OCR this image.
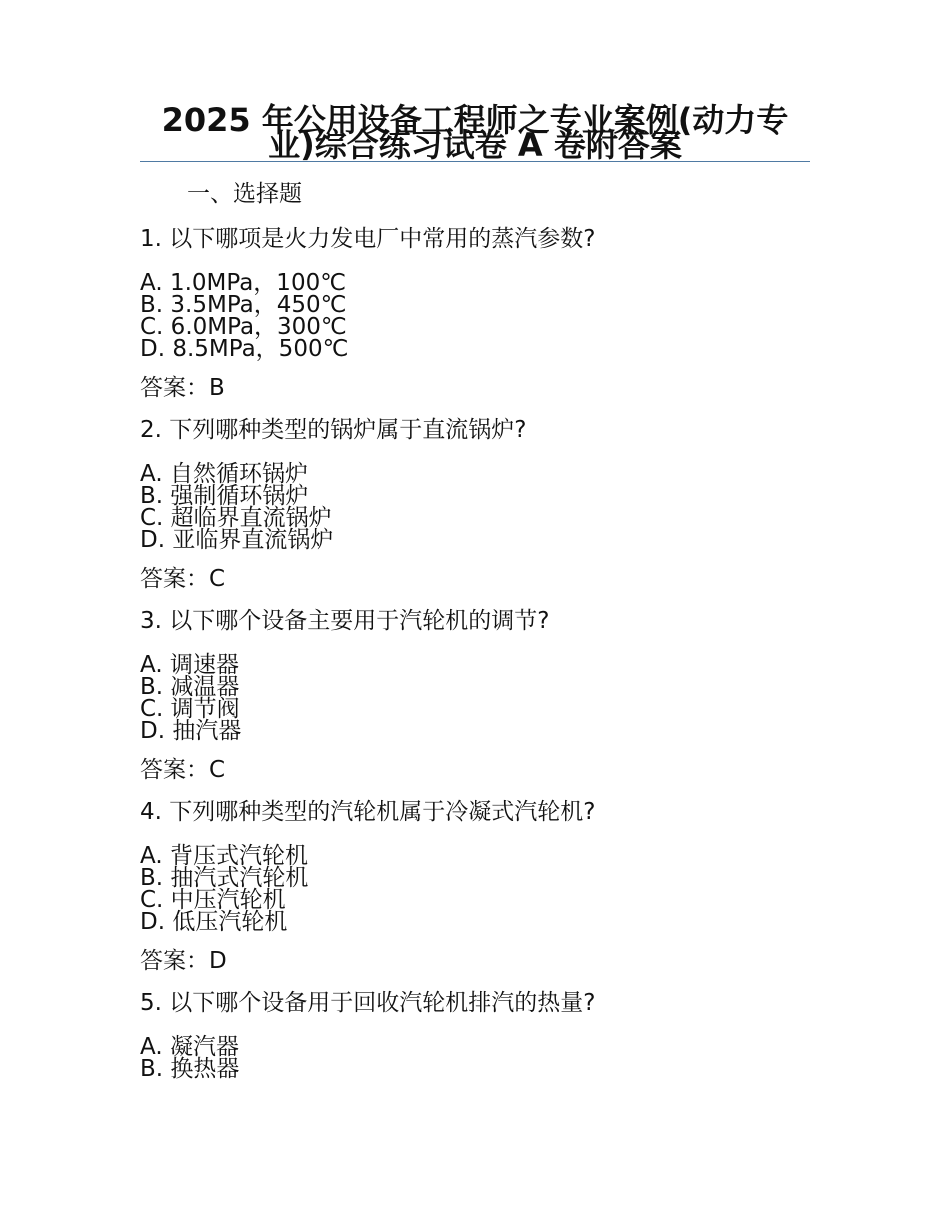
2025 年公用设备工程师之专业案例(动力专业)综合练习试卷 A 卷附答案
一、选择题
1. 以下哪项是火力发电厂中常用的蒸汽参数?
A. 1.0MPa，100℃
B. 3.5MPa，450℃
C. 6.0MPa，300℃
D. 8.5MPa，500℃
答案：B
2. 下列哪种类型的锅炉属于直流锅炉?
A. 自然循环锅炉
B. 强制循环锅炉
C. 超临界直流锅炉
D. 亚临界直流锅炉
答案：C
3. 以下哪个设备主要用于汽轮机的调节?
A. 调速器
B. 减温器
C. 调节阀
D. 抽汽器
答案：C
4. 下列哪种类型的汽轮机属于冷凝式汽轮机?
A. 背压式汽轮机
B. 抽汽式汽轮机
C. 中压汽轮机
D. 低压汽轮机
答案：D
5. 以下哪个设备用于回收汽轮机排汽的热量?
A. 凝汽器
B. 换热器
